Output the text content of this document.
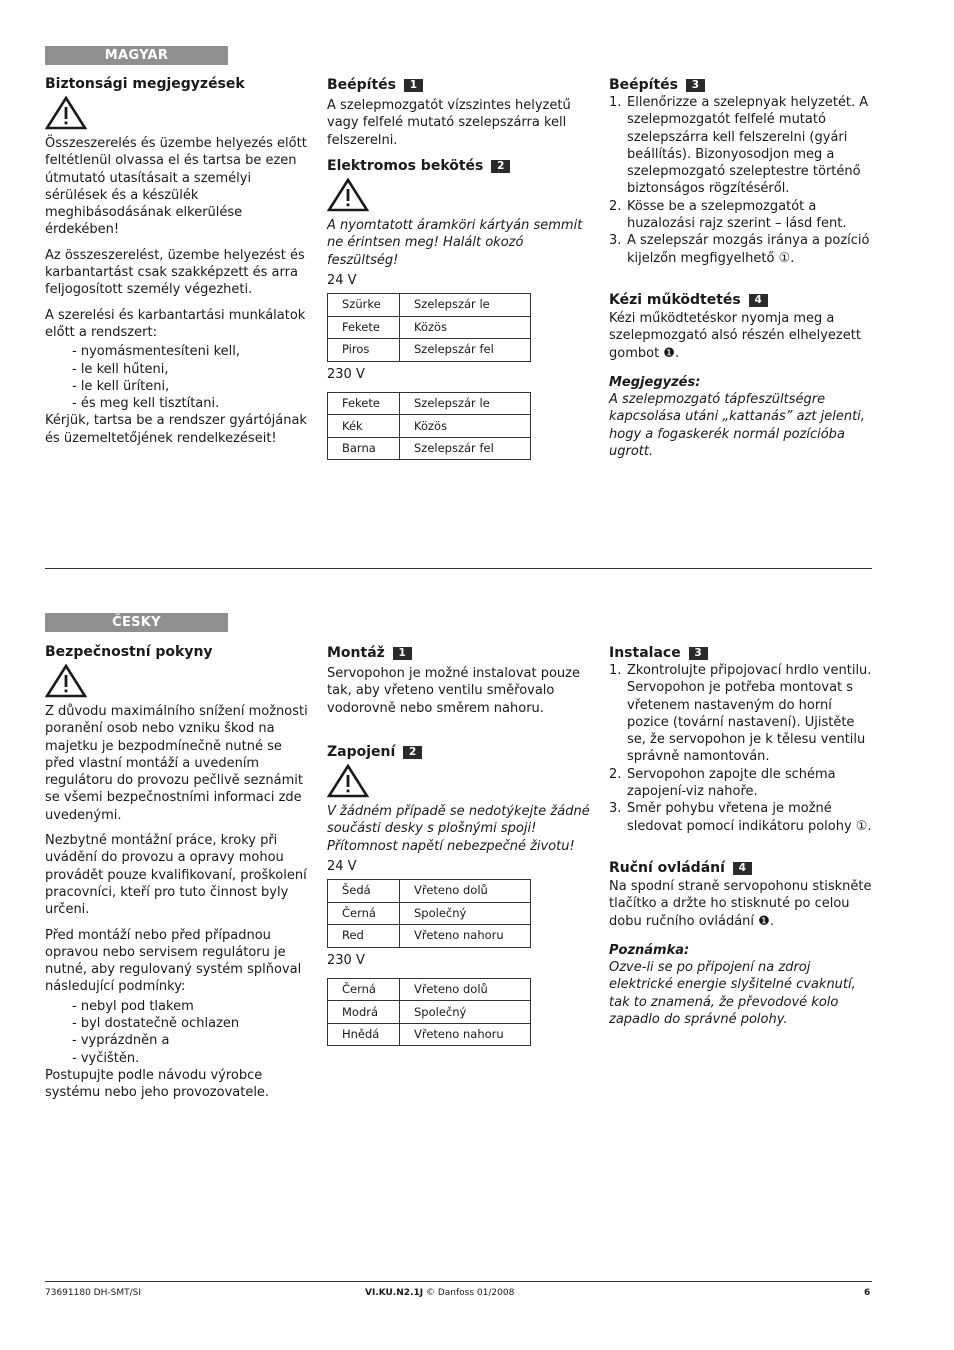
MAGYAR
Biztonsági megjegyzések

Összeszerelés és üzembe helyezés előtt feltétlenül olvassa el és tartsa be ezen útmutató utasításait a személyi sérülések és a készülék meghibásodásának elkerülése érdekében!

Az összeszerelést, üzembe helyezést és karbantartást csak szakképzett és arra feljogosított személy végezheti.

A szerelési és karbantartási munkálatok előtt a rendszert:

- nyomásmentesíteni kell,
- le kell hűteni,
- le kell üríteni,
- és meg kell tisztítani.

Kérjük, tartsa be a rendszer gyártójának és üzemeltetőjének rendelkezéseit!

Beépítés 1

A szelepmozgatót vízszintes helyzetű vagy felfelé mutató szelepszárra kell felszerelni.

Elektromos bekötés 2

A nyomtatott áramköri kártyán semmit ne érintsen meg! Halált okozó feszültség!

24 V
Szürke	Szelepszár le
Fekete	Közös
Piros	Szelepszár fel
230 V
Fekete	Szelepszár le
Kék	Közös
Barna	Szelepszár fel
Beépítés 3
1. Ellenőrizze a szelepnyak helyzetét. A szelepmozgatót felfelé mutató szelepszárra kell felszerelni (gyári beállítás). Bizonyosodjon meg a szelepmozgató szeleptestre történő biztonságos rögzítéséről.
2. Kösse be a szelepmozgatót a huzalozási rajz szerint – lásd fent.
3. A szelepszár mozgás iránya a pozíció kijelzőn megfigyelhető ①.
Kézi működtetés 4

Kézi működtetéskor nyomja meg a szelepmozgató alsó részén elhelyezett gombot ❶.

Megjegyzés:
A szelepmozgató tápfeszültségre kapcsolása utáni „kattanás” azt jelenti, hogy a fogaskerék normál pozícióba ugrott.
ČESKY
Bezpečnostní pokyny

Z důvodu maximálního snížení možnosti poranění osob nebo vzniku škod na majetku je bezpodmínečně nutné se před vlastní montáží a uvedením regulátoru do provozu pečlivě seznámit se všemi bezpečnostními informaci zde uvedenými.

Nezbytné montážní práce, kroky při uvádění do provozu a opravy mohou provádět pouze kvalifikovaní, proškolení pracovníci, kteří pro tuto činnost byly určeni.

Před montáží nebo před případnou opravou nebo servisem regulátoru je nutné, aby regulovaný systém splňoval následující podmínky:

- nebyl pod tlakem
- byl dostatečně ochlazen
- vyprázdněn a
- vyčištěn.

Postupujte podle návodu výrobce systému nebo jeho provozovatele.

Montáž 1

Servopohon je možné instalovat pouze tak, aby vřeteno ventilu směřovalo vodorovně nebo směrem nahoru.

Zapojení 2

V žádném případě se nedotýkejte žádné součásti desky s plošnými spoji! Přítomnost napětí nebezpečné životu!

24 V
Šedá	Vřeteno dolů
Černá	Společný
Red	Vřeteno nahoru
230 V
Černá	Vřeteno dolů
Modrá	Společný
Hnědá	Vřeteno nahoru
Instalace 3
1. Zkontrolujte připojovací hrdlo ventilu. Servopohon je potřeba montovat s vřetenem nastaveným do horní pozice (tovární nastavení). Ujistěte se, že servopohon je k tělesu ventilu správně namontován.
2. Servopohon zapojte dle schéma zapojení-viz nahoře.
3. Směr pohybu vřetena je možné sledovat pomocí indikátoru polohy ①.
Ruční ovládání 4

Na spodní straně servopohonu stiskněte tlačítko a držte ho stisknuté po celou dobu ručního ovládání ❶.

Poznámka:
Ozve-li se po připojení na zdroj elektrické energie slyšitelné cvaknutí, tak to znamená, že převodové kolo zapadlo do správné polohy.
73691180 DH-SMT/SI	VI.KU.N2.1J © Danfoss 01/2008	6
